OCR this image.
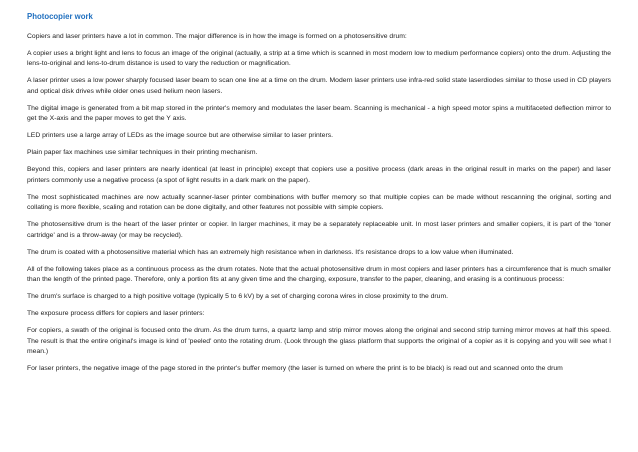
Photocopier work

Copiers and laser printers have a lot in common. The major difference is in how the image is formed on a photosensitive drum:

A copier uses a bright light and lens to focus an image of the original (actually, a strip at a time which is scanned in most modern low to medium performance copiers) onto the drum. Adjusting the lens-to-original and lens-to-drum distance is used to vary the reduction or magnification.

A laser printer uses a low power sharply focused laser beam to scan one line at a time on the drum. Modern laser printers use infra-red solid state laserdiodes similar to those used in CD players and optical disk drives while older ones used helium neon lasers.

The digital image is generated from a bit map stored in the printer's memory and modulates the laser beam. Scanning is mechanical - a high speed motor spins a multifaceted deflection mirror to get the X-axis and the paper moves to get the Y axis.

LED printers use a large array of LEDs as the image source but are otherwise similar to laser printers.

Plain paper fax machines use similar techniques in their printing mechanism.

Beyond this, copiers and laser printers are nearly identical (at least in principle) except that copiers use a positive process (dark areas in the original result in marks on the paper) and laser printers commonly use a negative process (a spot of light results in a dark mark on the paper).

The most sophisticated machines are now actually scanner-laser printer combinations with buffer memory so that multiple copies can be made without rescanning the original, sorting and collating is more flexible, scaling and rotation can be done digitally, and other features not possible with simple copiers.

The photosensitive drum is the heart of the laser printer or copier. In larger machines, it may be a separately replaceable unit. In most laser printers and smaller copiers, it is part of the 'toner cartridge' and is a throw-away (or may be recycled).

The drum is coated with a photosensitive material which has an extremely high resistance when in darkness. It's resistance drops to a low value when illuminated.

All of the following takes place as a continuous process as the drum rotates. Note that the actual photosensitive drum in most copiers and laser printers has a circumference that is much smaller than the length of the printed page. Therefore, only a portion fits at any given time and the charging, exposure, transfer to the paper, cleaning, and erasing is a continuous process:

The drum's surface is charged to a high positive voltage (typically 5 to 6 kV) by a set of charging corona wires in close proximity to the drum.

The exposure process differs for copiers and laser printers:

For copiers, a swath of the original is focused onto the drum. As the drum turns, a quartz lamp and strip mirror moves along the original and second strip turning mirror moves at half this speed. The result is that the entire original's image is kind of 'peeled' onto the rotating drum. (Look through the glass platform that supports the original of a copier as it is copying and you will see what I mean.)

For laser printers, the negative image of the page stored in the printer's buffer memory (the laser is turned on where the print is to be black) is read out and scanned onto the drum
